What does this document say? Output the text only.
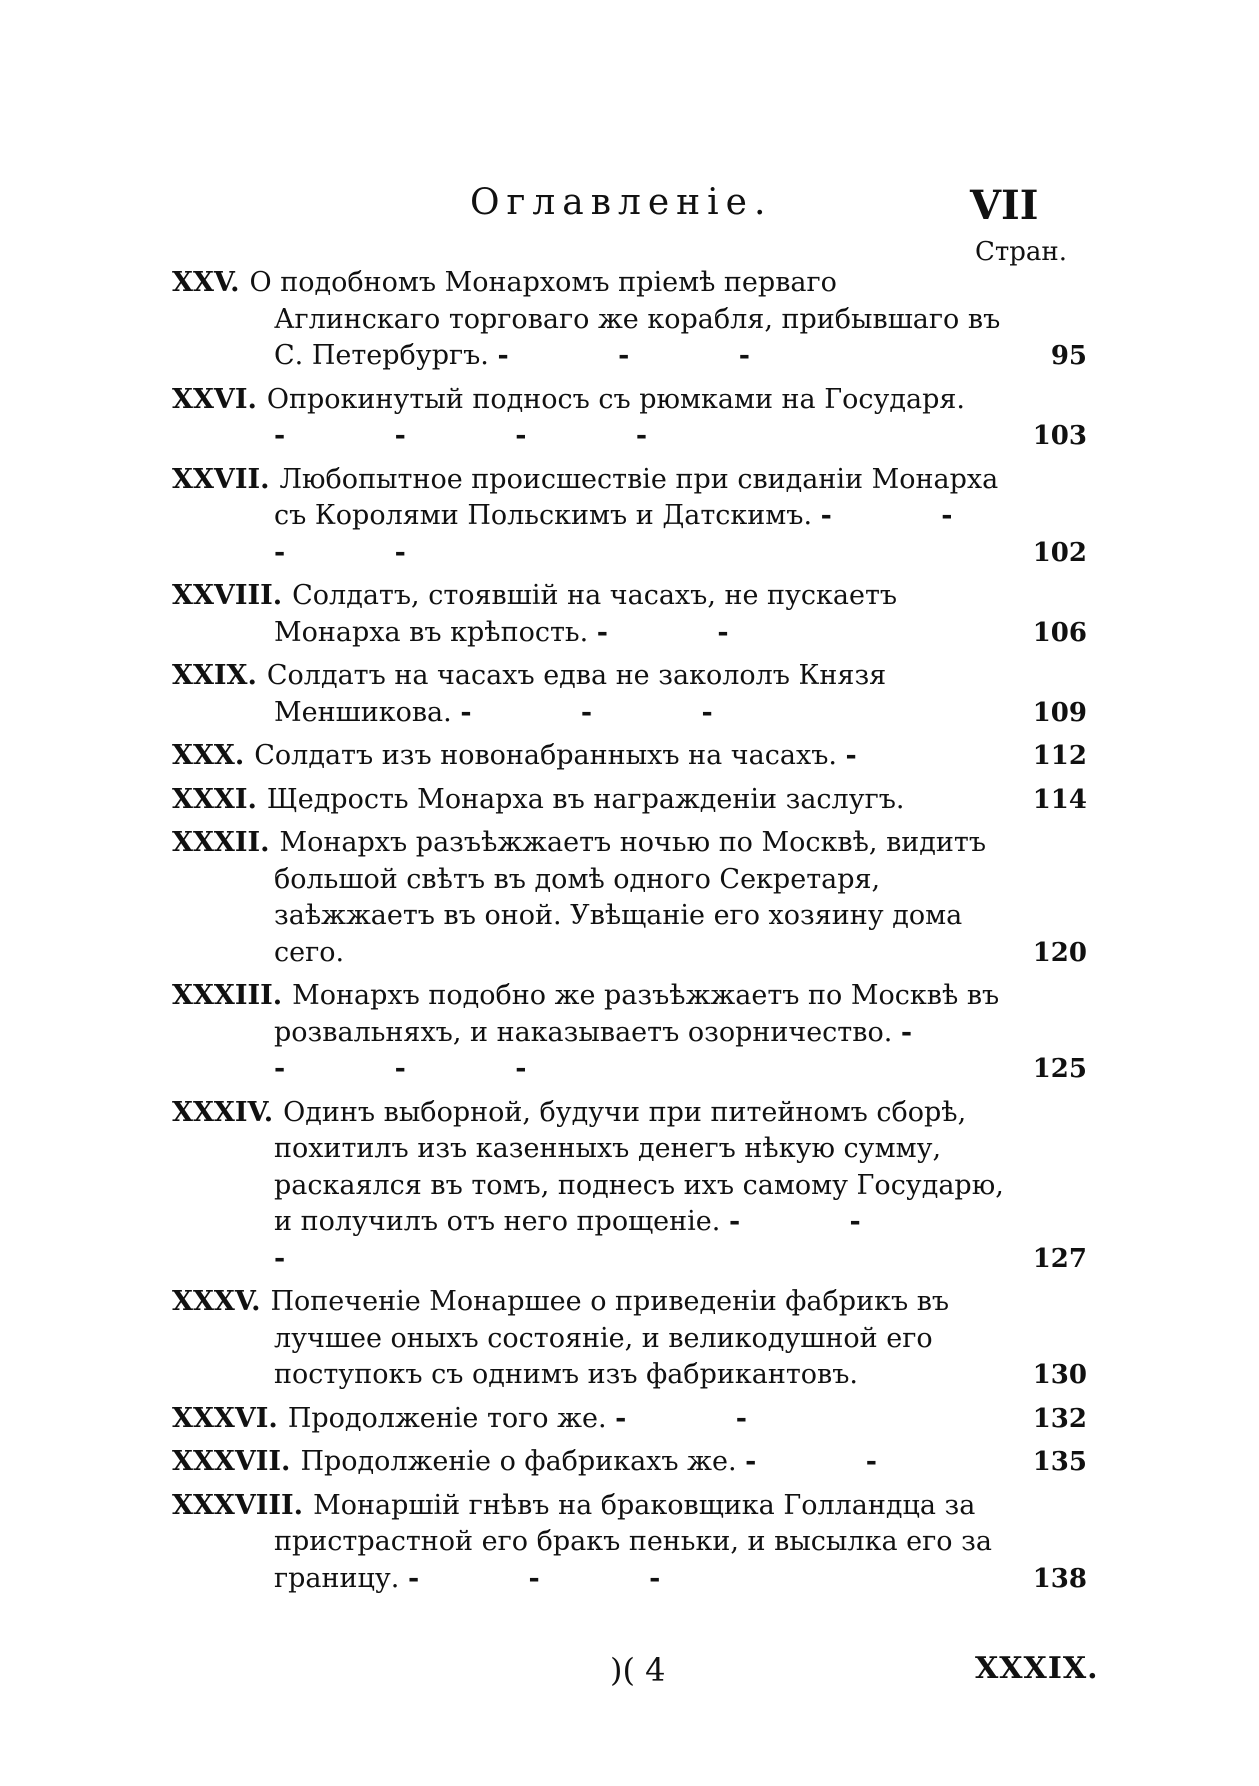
Оглавленіе.	VII
Стран.
XXV. О подобномъ Монархомъ пріемѣ перваго Аглинскаго торговаго же корабля, прибывшаго въ С. Петербургъ. - - -	95
XXVI. Опрокинутый подносъ съ рюмками на Государя. - - - -	103
XXVII. Любопытное происшествіе при свиданіи Монарха съ Королями Польскимъ и Датскимъ. - - - -	102
XXVIII. Солдатъ, стоявшій на часахъ, не пускаетъ Монарха въ крѣпость. - -	106
XXIX. Солдатъ на часахъ едва не закололъ Князя Меншикова. - - -	109
XXX. Солдатъ изъ новонабранныхъ на часахъ. -	112
XXXI. Щедрость Монарха въ награжденіи заслугъ.	114
XXXII. Монархъ разъѣжжаетъ ночью по Москвѣ, видитъ большой свѣтъ въ домѣ одного Секретаря, заѣжжаетъ въ оной. Увѣщаніе его хозяину дома сего.	120
XXXIII. Монархъ подобно же разъѣжжаетъ по Москвѣ въ розвальняхъ, и наказываетъ озорничество. - - - -	125
XXXIV. Одинъ выборной, будучи при питейномъ сборѣ, похитилъ изъ казенныхъ денегъ нѣкую сумму, раскаялся въ томъ, поднесъ ихъ самому Государю, и получилъ отъ него прощеніе. - - -	127
XXXV. Попеченіе Монаршее о приведеніи фабрикъ въ лучшее оныхъ состояніе, и великодушной его поступокъ съ однимъ изъ фабрикантовъ.	130
XXXVI. Продолженіе того же. - -	132
XXXVII. Продолженіе о фабрикахъ же. - -	135
XXXVIII. Монаршій гнѣвъ на браковщика Голландца за пристрастной его бракъ пеньки, и высылка его за границу. - - -	138
)( 4	XXXIX.
